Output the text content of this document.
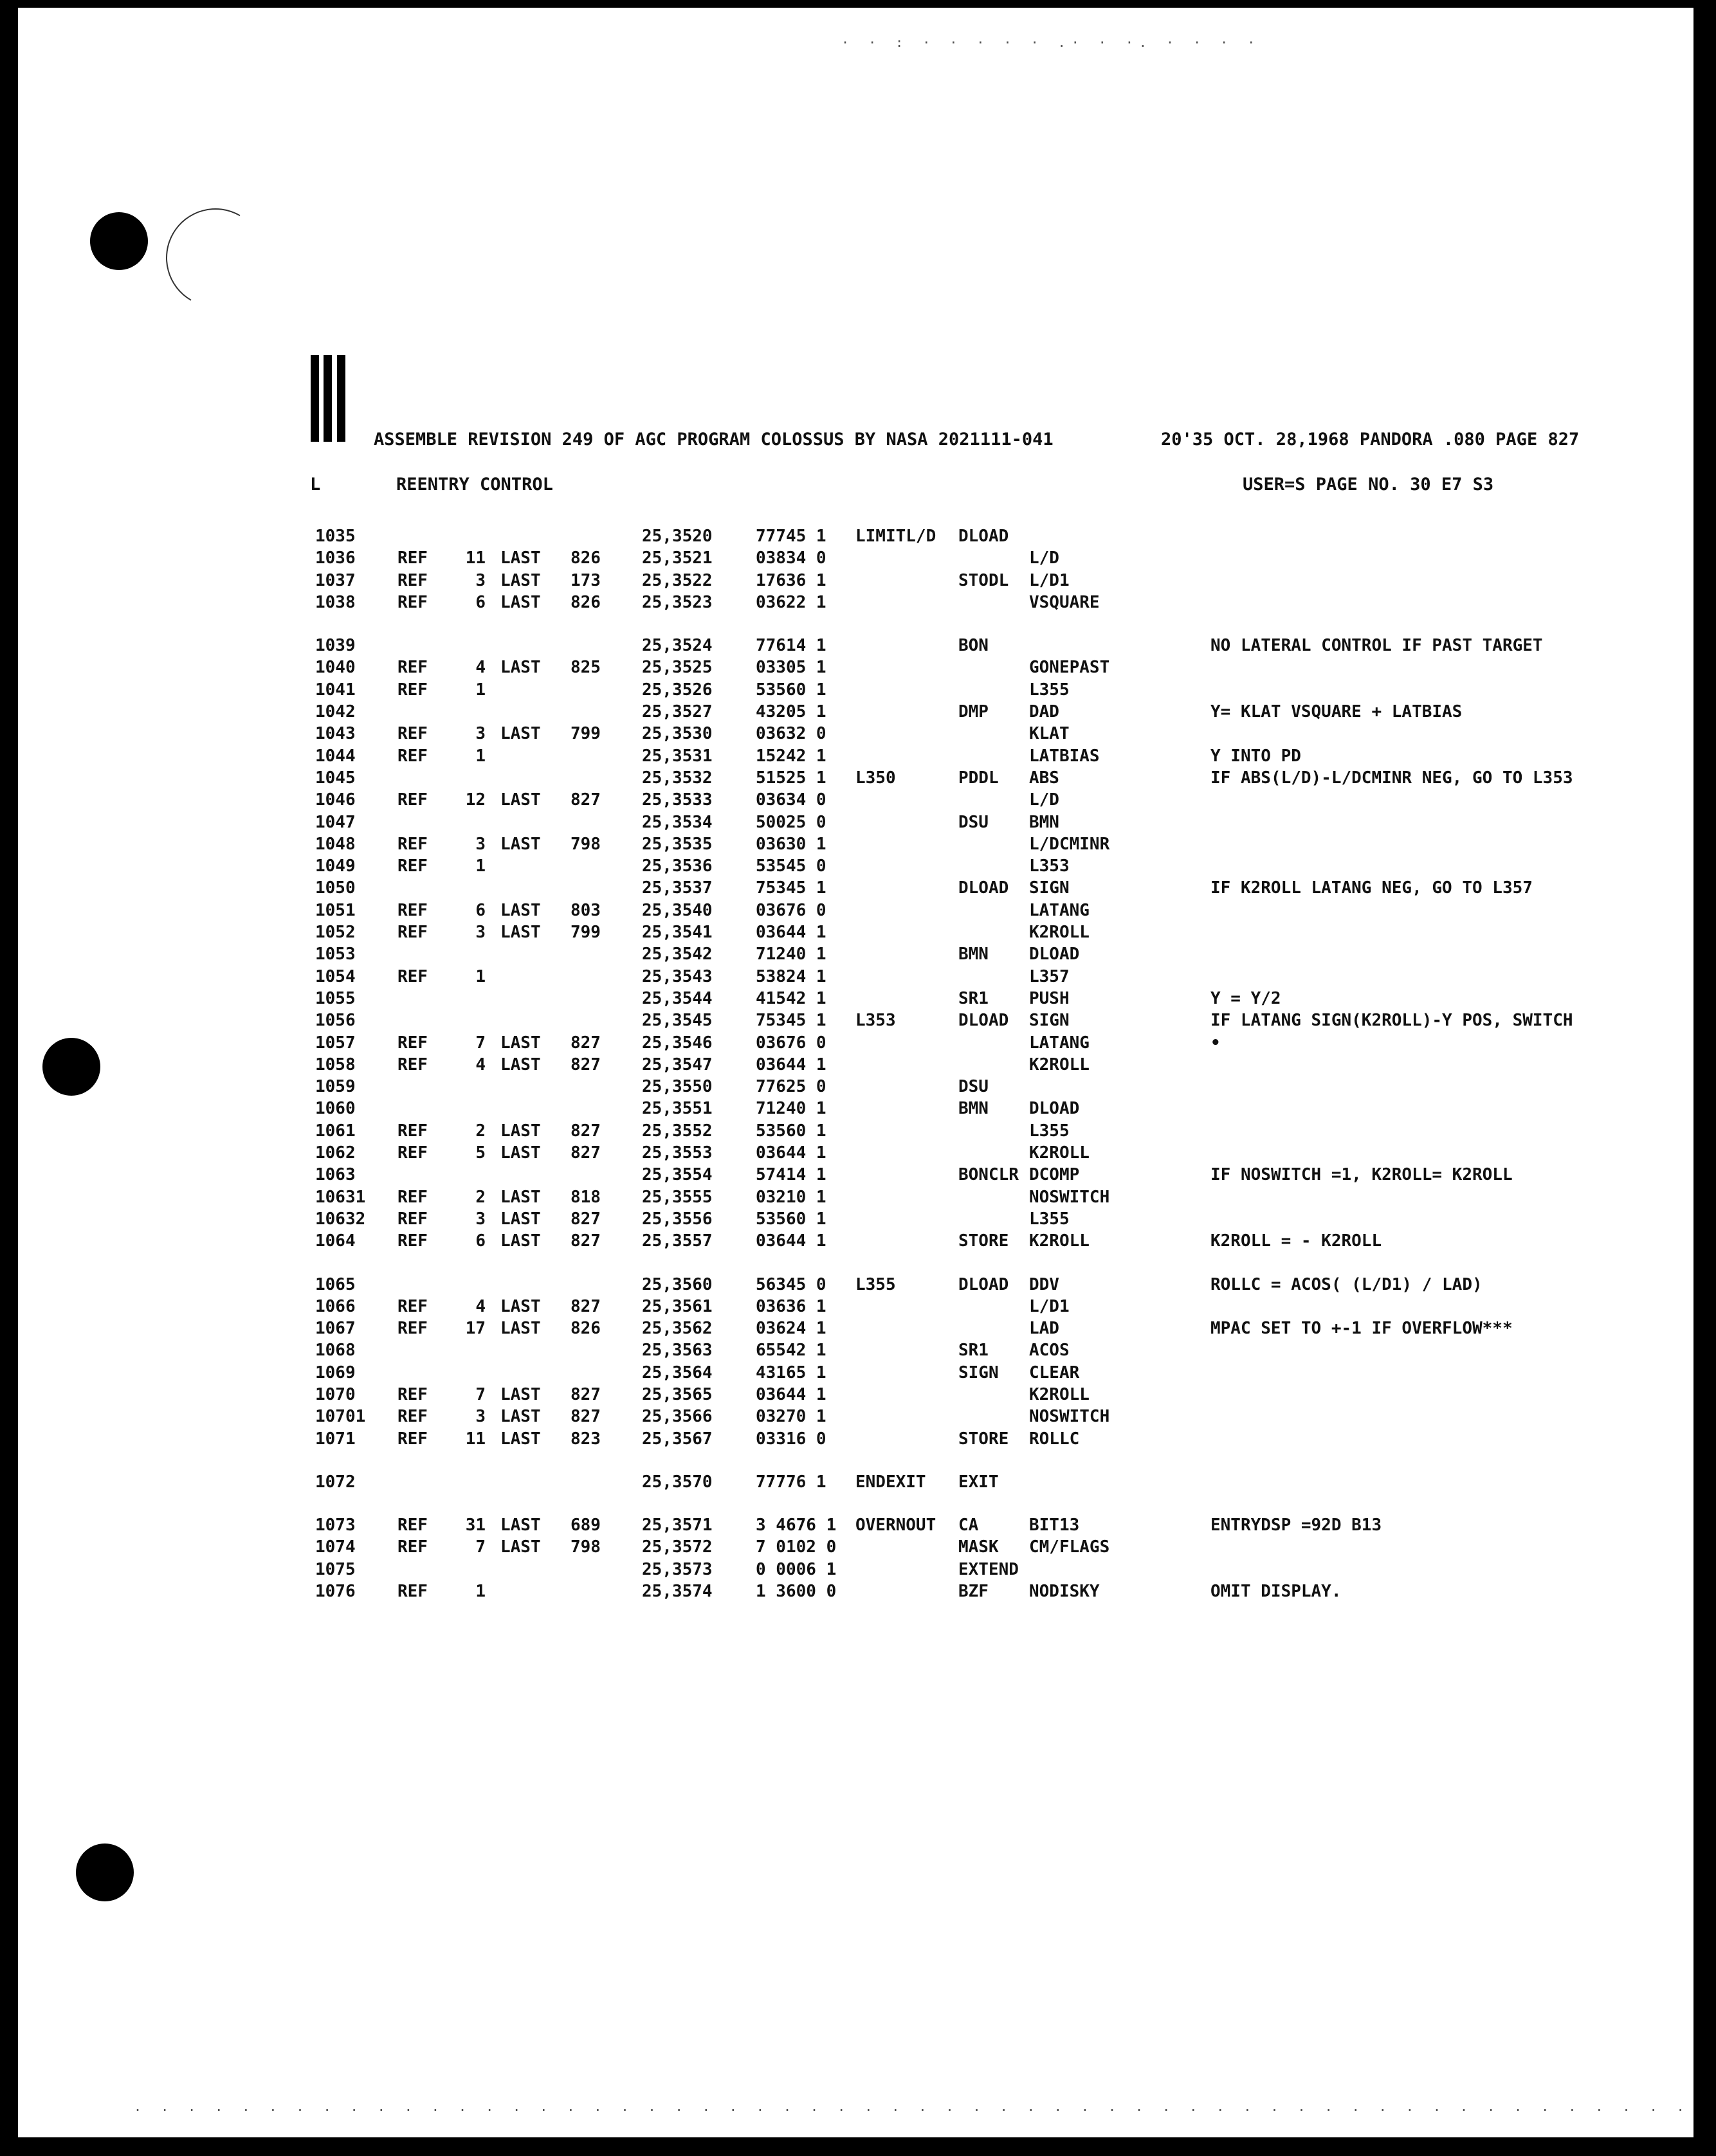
· · : · · · · · .· · ·. · · · ·
. . . . . . . . . . . . . . . . . . . . . . . . . . . . . . . . . . . . . . . . . . . . . . . . . . . . . . . . . .
ASSEMBLE REVISION 249 OF AGC PROGRAM COLOSSUS BY NASA 2021111-041	20'35 OCT. 28,1968 PANDORA .080 PAGE 827
L	REENTRY CONTROL	USER=S PAGE NO. 30 E7 S3
1035	25,3520	77745 1 LIMITL/D DLOAD
1036	REF	11 LAST 826 25,3521	03834 0	L/D
1037	REF	3 LAST 173 25,3522	17636 1	STODL L/D1
1038	REF	6 LAST 826 25,3523	03622 1	VSQUARE
1039	25,3524	77614 1	BON	NO LATERAL CONTROL IF PAST TARGET
1040	REF	4 LAST 825 25,3525	03305 1	GONEPAST
1041	REF	1	25,3526	53560 1	L355
1042	25,3527	43205 1	DMP DAD	Y= KLAT VSQUARE + LATBIAS
1043	REF	3 LAST 799 25,3530	03632 0	KLAT
1044	REF	1	25,3531	15242 1	LATBIAS	Y INTO PD
1045	25,3532	51525 1 L350	PDDL ABS	IF ABS(L/D)-L/DCMINR NEG, GO TO L353
1046	REF	12 LAST 827 25,3533	03634 0	L/D
1047	25,3534	50025 0	DSU BMN
1048	REF	3 LAST 798 25,3535	03630 1	L/DCMINR
1049	REF	1	25,3536	53545 0	L353
1050	25,3537	75345 1	DLOAD SIGN	IF K2ROLL LATANG NEG, GO TO L357
1051	REF	6 LAST 803 25,3540	03676 0	LATANG
1052	REF	3 LAST 799 25,3541	03644 1	K2ROLL
1053	25,3542	71240 1	BMN DLOAD
1054	REF	1	25,3543	53824 1	L357
1055	25,3544	41542 1	SR1 PUSH	Y = Y/2
1056	25,3545	75345 1 L353	DLOAD SIGN	IF LATANG SIGN(K2ROLL)-Y POS, SWITCH
1057	REF	7 LAST 827 25,3546	03676 0	LATANG	•
1058	REF	4 LAST 827 25,3547	03644 1	K2ROLL
1059	25,3550	77625 0	DSU
1060	25,3551	71240 1	BMN DLOAD
1061	REF	2 LAST 827 25,3552	53560 1	L355
1062	REF	5 LAST 827 25,3553	03644 1	K2ROLL
1063	25,3554	57414 1	BONCLR DCOMP	IF NOSWITCH =1, K2ROLL= K2ROLL
10631 REF	2 LAST 818 25,3555	03210 1	NOSWITCH
10632 REF	3 LAST 827 25,3556	53560 1	L355
1064	REF	6 LAST 827 25,3557	03644 1	STORE K2ROLL	K2ROLL = - K2ROLL
1065	25,3560	56345 0 L355	DLOAD DDV	ROLLC = ACOS( (L/D1) / LAD)
1066	REF	4 LAST 827 25,3561	03636 1	L/D1
1067	REF	17 LAST 826 25,3562	03624 1	LAD	MPAC SET TO +-1 IF OVERFLOW***
1068	25,3563	65542 1	SR1 ACOS
1069	25,3564	43165 1	SIGN CLEAR
1070	REF	7 LAST 827 25,3565	03644 1	K2ROLL
10701 REF	3 LAST 827 25,3566	03270 1	NOSWITCH
1071	REF	11 LAST 823 25,3567	03316 0	STORE ROLLC
1072	25,3570	77776 1 ENDEXIT EXIT
1073	REF	31 LAST 689 25,3571	3 4676 1 OVERNOUT CA	BIT13	ENTRYDSP =92D B13
1074	REF	7 LAST 798 25,3572	7 0102 0	MASK CM/FLAGS
1075	25,3573	0 0006 1	EXTEND
1076	REF	1	25,3574	1 3600 0	BZF NODISKY	OMIT DISPLAY.
